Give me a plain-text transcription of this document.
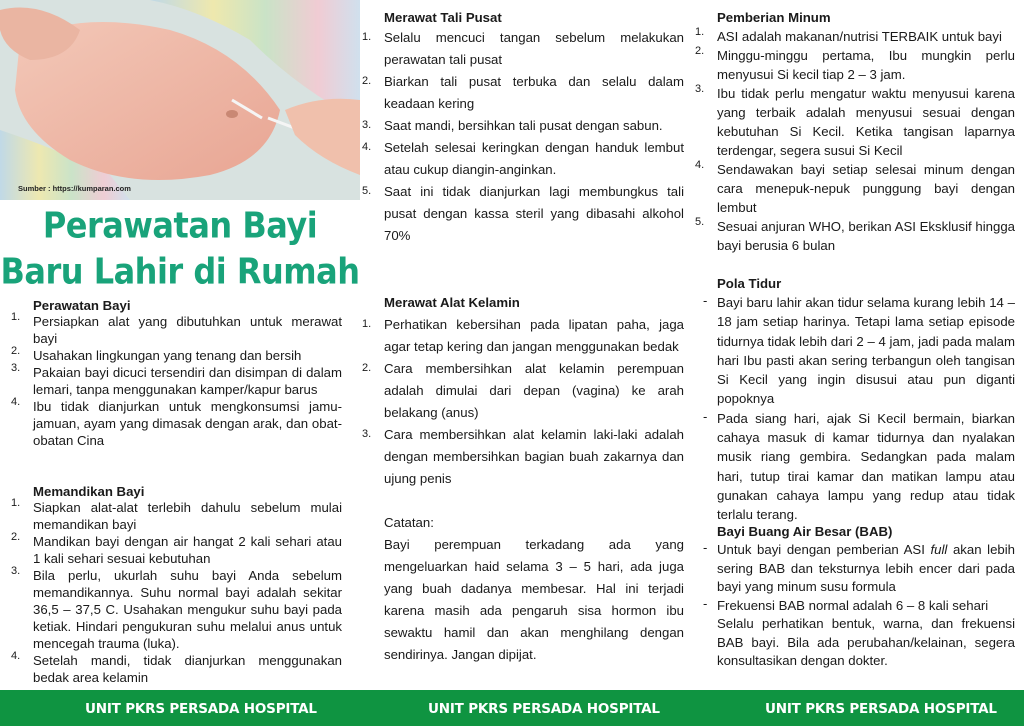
Sumber : https://kumparan.com
Perawatan Bayi
Baru Lahir di Rumah

Perawatan Bayi

1. Persiapkan alat yang dibutuhkan untuk merawat bayi
2. Usahakan lingkungan yang tenang dan bersih
3. Pakaian bayi dicuci tersendiri dan disimpan di dalam lemari, tanpa menggunakan kamper/kapur barus
4. Ibu tidak dianjurkan untuk mengkonsumsi jamu-jamuan, ayam yang dimasak dengan arak, dan obat-obatan Cina

Memandikan Bayi

1. Siapkan alat-alat terlebih dahulu sebelum mulai memandikan bayi
2. Mandikan bayi dengan air hangat 2 kali sehari atau 1 kali sehari sesuai kebutuhan
3. Bila perlu, ukurlah suhu bayi Anda sebelum memandikannya. Suhu normal bayi adalah sekitar 36,5 – 37,5 C. Usahakan mengukur suhu bayi pada ketiak. Hindari pengukuran suhu melalui anus untuk mencegah trauma (luka).
4. Setelah mandi, tidak dianjurkan menggunakan bedak area kelamin

Merawat Tali Pusat

1. Selalu mencuci tangan sebelum melakukan perawatan tali pusat
2. Biarkan tali pusat terbuka dan selalu dalam keadaan kering
3. Saat mandi, bersihkan tali pusat dengan sabun.
4. Setelah selesai keringkan dengan handuk lembut atau cukup diangin-anginkan.
5. Saat ini tidak dianjurkan lagi membungkus tali pusat dengan kassa steril yang dibasahi alkohol 70%

Merawat Alat Kelamin

1. Perhatikan kebersihan pada lipatan paha, jaga agar tetap kering dan jangan menggunakan bedak
2. Cara membersihkan alat kelamin perempuan adalah dimulai dari depan (vagina) ke arah belakang (anus)
3. Cara membersihkan alat kelamin laki-laki adalah dengan membersihkan bagian buah zakarnya dan ujung penis
Catatan:
Bayi perempuan terkadang ada yang mengeluarkan haid selama 3 – 5 hari, ada juga yang buah dadanya membesar. Hal ini terjadi karena masih ada pengaruh sisa hormon ibu sewaktu hamil dan akan menghilang dengan sendirinya. Jangan dipijat.

Pemberian Minum

1. ASI adalah makanan/nutrisi TERBAIK untuk bayi
2. Minggu-minggu pertama, Ibu mungkin perlu menyusui Si kecil tiap 2 – 3 jam.
3. Ibu tidak perlu mengatur waktu menyusui karena yang terbaik adalah menyusui sesuai dengan kebutuhan Si Kecil. Ketika tangisan laparnya terdengar, segera susui Si Kecil
4. Sendawakan bayi setiap selesai minum dengan cara menepuk-nepuk punggung bayi dengan lembut
5. Sesuai anjuran WHO, berikan ASI Eksklusif hingga bayi berusia 6 bulan

Pola Tidur

- Bayi baru lahir akan tidur selama kurang lebih 14 – 18 jam setiap harinya. Tetapi lama setiap episode tidurnya tidak lebih dari 2 – 4 jam, jadi pada malam hari Ibu pasti akan sering terbangun oleh tangisan Si Kecil yang ingin disusui atau pun diganti popoknya
- Pada siang hari, ajak Si Kecil bermain, biarkan cahaya masuk di kamar tidurnya dan nyalakan musik riang gembira. Sedangkan pada malam hari, tutup tirai kamar dan matikan lampu atau gunakan cahaya lampu yang redup atau tidak terlalu terang.

Bayi Buang Air Besar (BAB)

- Untuk bayi dengan pemberian ASI full akan lebih sering BAB dan teksturnya lebih encer dari pada bayi yang minum susu formula
- Frekuensi BAB normal adalah 6 – 8 kali sehari
Selalu perhatikan bentuk, warna, dan frekuensi BAB bayi. Bila ada perubahan/kelainan, segera konsultasikan dengan dokter.
UNIT PKRS PERSADA HOSPITAL	UNIT PKRS PERSADA HOSPITAL	UNIT PKRS PERSADA HOSPITAL
